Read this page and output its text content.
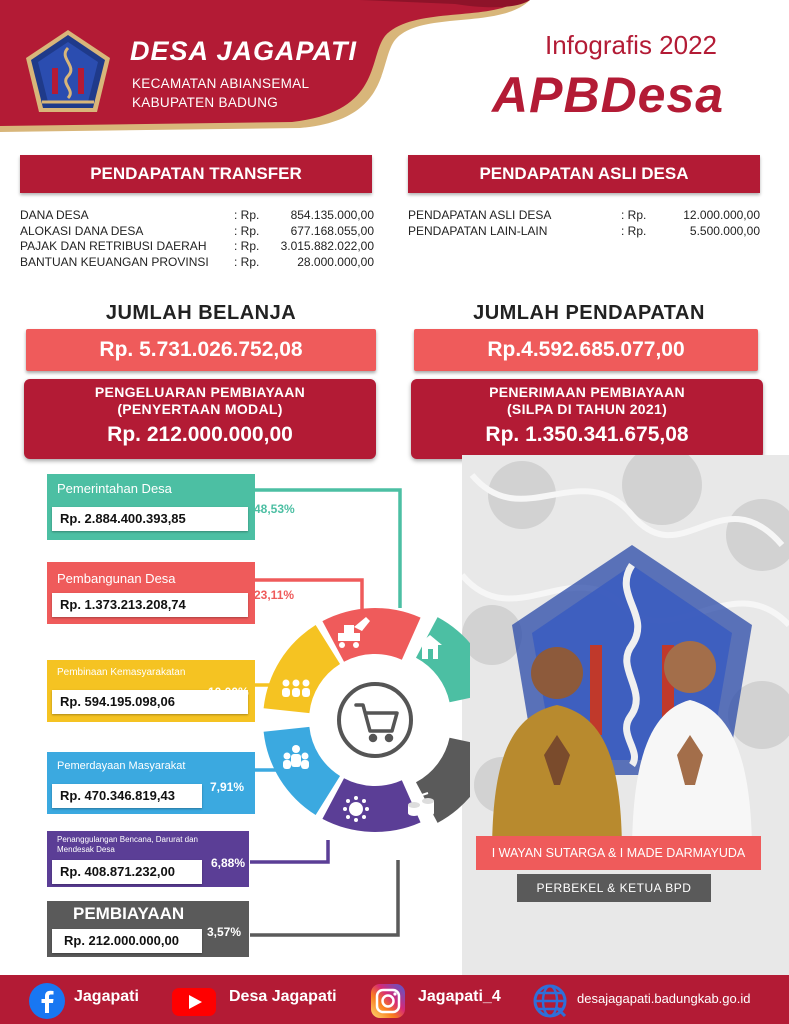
DESA JAGAPATI
KECAMATAN ABIANSEMAL
KABUPATEN BADUNG
Infografis 2022
APBDesa
PENDAPATAN TRANSFER
DANA DESA	: Rp.	854.135.000,00
ALOKASI DANA DESA	: Rp.	677.168.055,00
PAJAK DAN RETRIBUSI DAERAH : Rp. 3.015.882.022,00
BANTUAN KEUANGAN PROVINSI : Rp.	28.000.000,00
PENDAPATAN ASLI DESA
PENDAPATAN ASLI DESA	: Rp.	12.000.000,00
PENDAPATAN LAIN-LAIN	: Rp.	5.500.000,00
JUMLAH BELANJA
Rp. 5.731.026.752,08
JUMLAH PENDAPATAN
Rp.4.592.685.077,00
PENGELUARAN PEMBIAYAAN
(PENYERTAAN MODAL)
Rp. 212.000.000,00
PENERIMAAN PEMBIAYAAN
(SILPA DI TAHUN 2021)
Rp. 1.350.341.675,08
I WAYAN SUTARGA & I MADE DARMAYUDA
PERBEKEL & KETUA BPD
Pemerintahan Desa
Rp. 2.884.400.393,85
48,53%
Pembangunan Desa
Rp. 1.373.213.208,74
23,11%
Pembinaan Kemasyarakatan
Rp. 594.195.098,06
10,00%
Pemerdayaan Masyarakat
Rp. 470.346.819,43
7,91%
Penanggulangan Bencana, Darurat dan Mendesak Desa
Rp. 408.871.232,00
6,88%
PEMBIAYAAN
Rp. 212.000.000,00
3,57%
Jagapati	Desa Jagapati	Jagapati_4	desajagapati.badungkab.go.id
